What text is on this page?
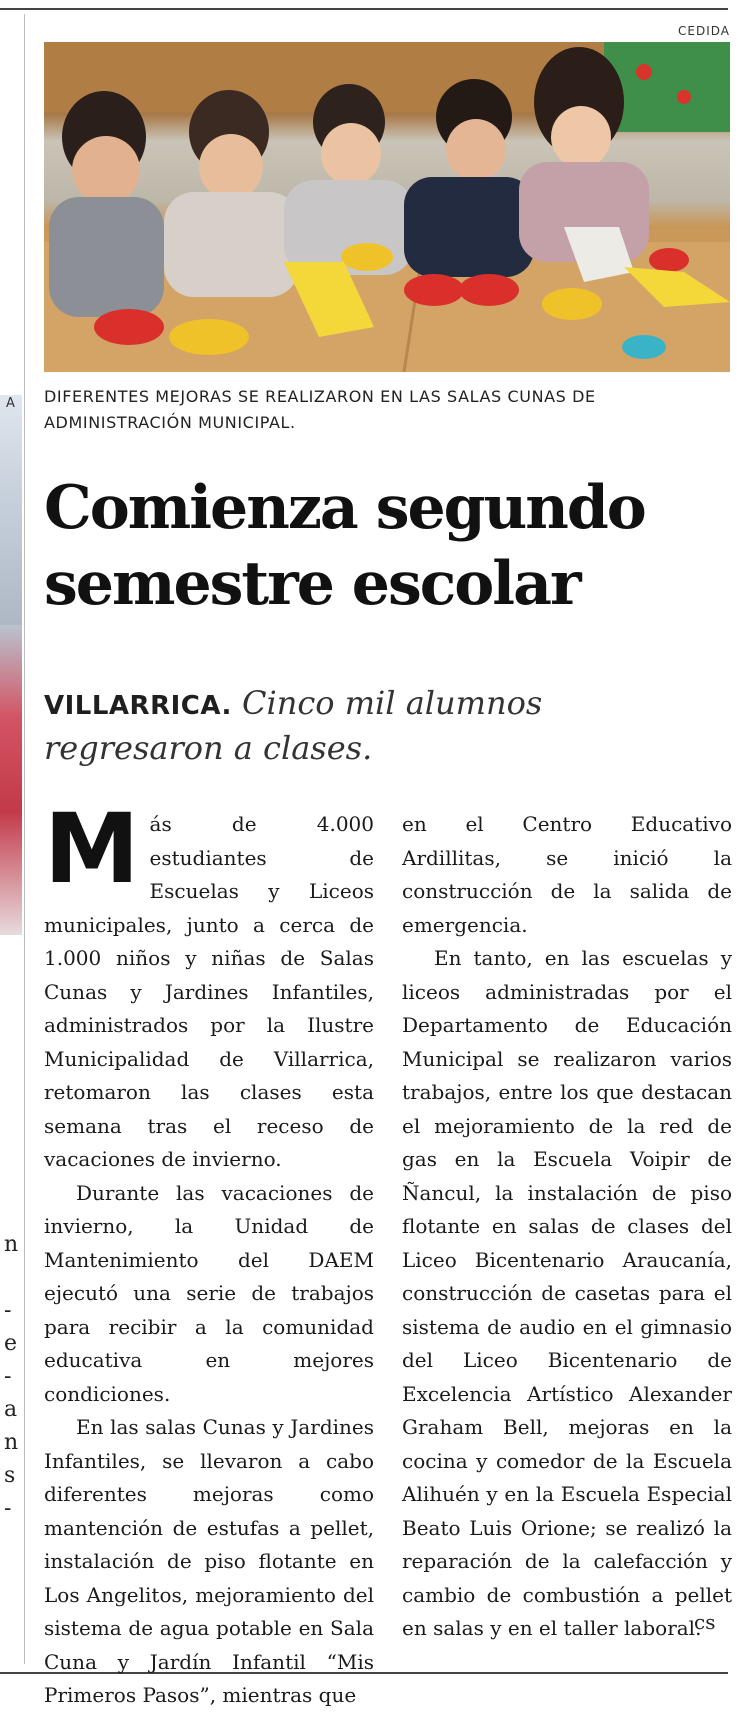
A
n
-
e
-
a
n
s
-
CEDIDA
DIFERENTES MEJORAS SE REALIZARON EN LAS SALAS CUNAS DE ADMINISTRACIÓN MUNICIPAL.
Comienza segundo semestre escolar
VILLARRICA. Cinco mil alumnos regresaron a clases.

Más de 4.000 estudiantes de Escuelas y Liceos municipales, junto a cerca de 1.000 niños y niñas de Salas Cunas y Jardines Infantiles, administrados por la Ilustre Municipalidad de Villarrica, retomaron las clases esta semana tras el receso de vacaciones de invierno.

Durante las vacaciones de invierno, la Unidad de Mantenimiento del DAEM ejecutó una serie de trabajos para recibir a la comunidad educativa en mejores condiciones.

En las salas Cunas y Jardines Infantiles, se llevaron a cabo diferentes mejoras como mantención de estufas a pellet, instalación de piso flotante en Los Angelitos, mejoramiento del sistema de agua potable en Sala Cuna y Jardín Infantil “Mis Primeros Pasos”, mientras que

en el Centro Educativo Ardillitas, se inició la construcción de la salida de emergencia.

En tanto, en las escuelas y liceos administradas por el Departamento de Educación Municipal se realizaron varios trabajos, entre los que destacan el mejoramiento de la red de gas en la Escuela Voipir de Ñancul, la instalación de piso flotante en salas de clases del Liceo Bicentenario Araucanía, construcción de casetas para el sistema de audio en el gimnasio del Liceo Bicentenario de Excelencia Artístico Alexander Graham Bell, mejoras en la cocina y comedor de la Escuela Alihuén y en la Escuela Especial Beato Luis Orione; se realizó la reparación de la calefacción y cambio de combustión a pellet en salas y en el taller laboral.

cs
